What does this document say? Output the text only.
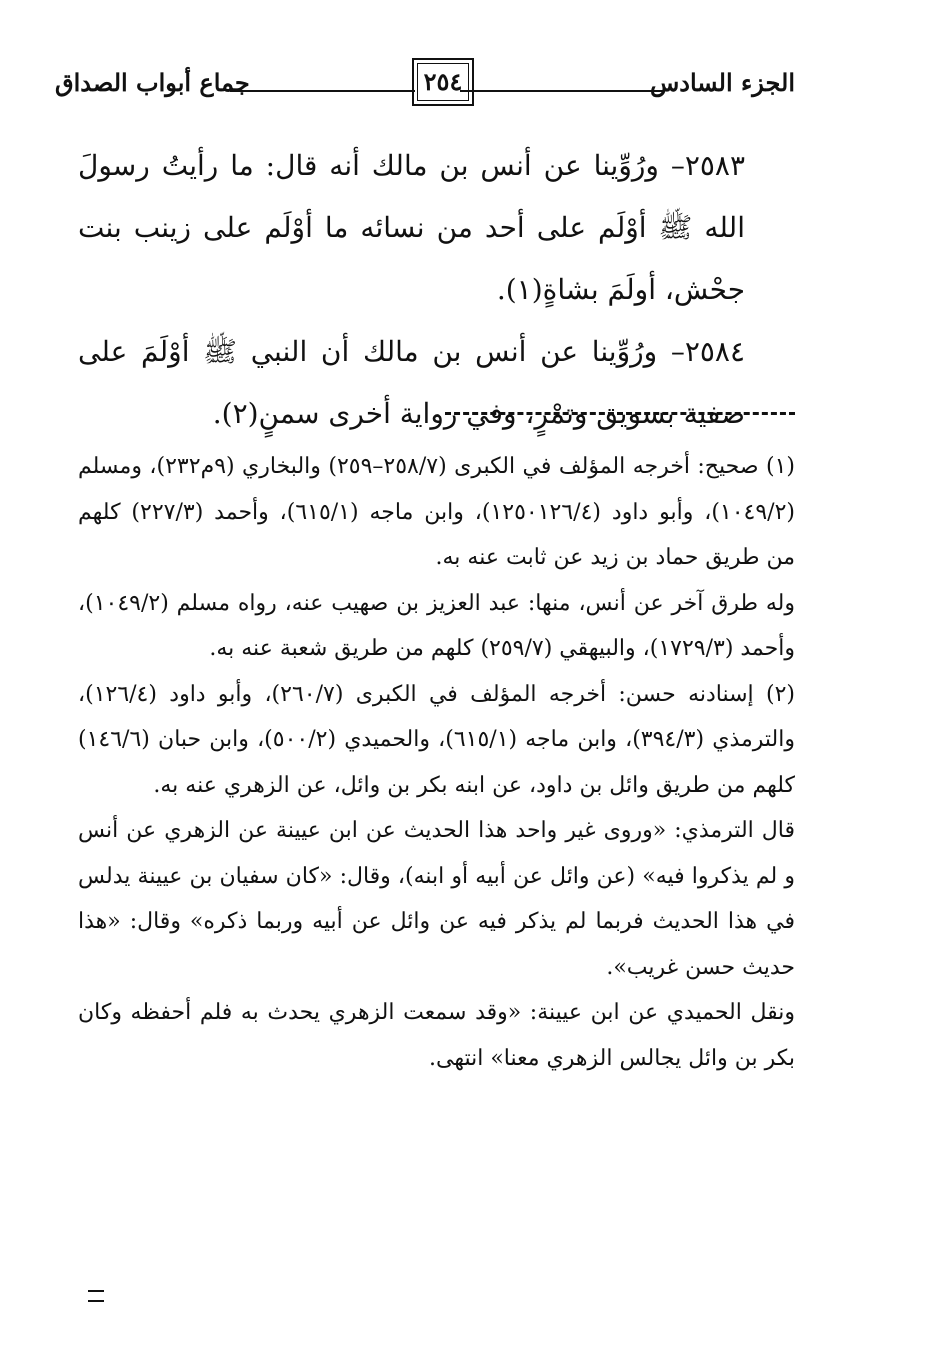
الجزء السادس
٢٥٤
جماع أبواب الصداق

٢٥٨٣– ورُوِّينا عن أنس بن مالك أنه قال: ما رأيتُ رسولَ الله ﷺ أوْلَم على أحد من نسائه ما أوْلَم على زينب بنت جحْش، أولَمَ بشاةٍ(١).

٢٥٨٤– ورُوِّينا عن أنس بن مالك أن النبي ﷺ أوْلَمَ على صفية بسويق وتمْرٍ، وفي رواية أخرى سمنٍ(٢).

(١) صحيح: أخرجه المؤلف في الكبرى (٢٥٨/٧–٢٥٩) والبخاري (٩م٢٣٢)، ومسلم (١٠٤٩/٢)، وأبو داود (١٢٥٠١٢٦/٤)، وابن ماجه (٦١٥/١)، وأحمد (٢٢٧/٣) كلهم من طريق حماد بن زيد عن ثابت عنه به.

وله طرق آخر عن أنس، منها: عبد العزيز بن صهيب عنه، رواه مسلم (١٠٤٩/٢)، وأحمد (١٧٢٩/٣)، والبيهقي (٢٥٩/٧) كلهم من طريق شعبة عنه به.

(٢) إسنادنه حسن: أخرجه المؤلف في الكبرى (٢٦٠/٧)، وأبو داود (١٢٦/٤)، والترمذي (٣٩٤/٣)، وابن ماجه (٦١٥/١)، والحميدي (٥٠٠/٢)، وابن حبان (١٤٦/٦) كلهم من طريق وائل بن داود، عن ابنه بكر بن وائل، عن الزهري عنه به.

قال الترمذي: «وروى غير واحد هذا الحديث عن ابن عيينة عن الزهري عن أنس و لم يذكروا فيه» (عن وائل عن أبيه أو ابنه)، وقال: «كان سفيان بن عيينة يدلس في هذا الحديث فربما لم يذكر فيه عن وائل عن أبيه وربما ذكره» وقال: «هذا حديث حسن غريب».

ونقل الحميدي عن ابن عيينة: «وقد سمعت الزهري يحدث به فلم أحفظه وكان بكر بن وائل يجالس الزهري معنا» انتهى.
